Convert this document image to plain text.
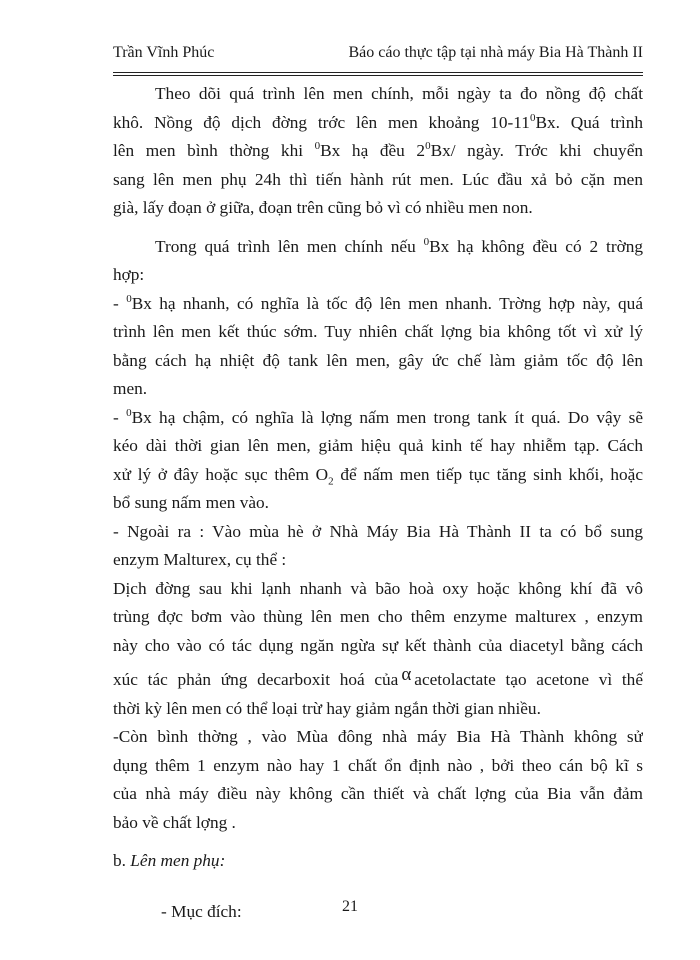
Trần Vĩnh Phúc	Báo cáo thực tập tại nhà máy Bia Hà Thành II
Theo dõi quá trình lên men chính, mỗi ngày ta đo nồng độ chất
khô. Nồng độ dịch đờng trớc lên men khoảng $10-11^0Bx$. Quá trình
lên men bình thờng khi $^0$Bx hạ đều $2^0Bx/$ ngày. Trớc khi chuyển
sang lên men phụ 24h thì tiến hành rút men. Lúc đầu xả bỏ cặn men
già, lấy đoạn ở giữa, đoạn trên cũng bỏ vì có nhiều men non.
Trong quá trình lên men chính nếu $^0$Bx hạ không đều có 2 trờng
hợp:
- $^0$Bx hạ nhanh, có nghĩa là tốc độ lên men nhanh. Trờng hợp này, quá
trình lên men kết thúc sớm. Tuy nhiên chất lợng bia không tốt vì xử lý
bằng cách hạ nhiệt độ tank lên men, gây ức chế làm giảm tốc độ lên
men.
- $^0$Bx hạ chậm, có nghĩa là lợng nấm men trong tank ít quá. Do vậy sẽ
kéo dài thời gian lên men, giảm hiệu quả kinh tế hay nhiễm tạp. Cách
xử lý ở đây hoặc sục thêm $O_2$ để nấm men tiếp tục tăng sinh khối, hoặc
bổ sung nấm men vào.
- Ngoài ra : Vào mùa hè ở Nhà Máy Bia Hà Thành II ta có bổ sung
enzym Malturex, cụ thể :
Dịch đờng sau khi lạnh nhanh và bão hoà oxy hoặc không khí đã vô
trùng đợc bơm vào thùng lên men cho thêm enzyme malturex , enzym
này cho vào có tác dụng ngăn ngừa sự kết thành của diacetyl bằng cách
xúc tác phản ứng decarboxit hoá của α acetolactate tạo acetone vì thế
thời kỳ lên men có thể loại trừ hay giảm ngắn thời gian nhiều.
-Còn bình thờng , vào Mùa đông nhà máy Bia Hà Thành không sử
dụng thêm 1 enzym nào hay 1 chất ổn định nào , bởi theo cán bộ kĩ s
của nhà máy điều này không cần thiết và chất lợng của Bia vẫn đảm
bảo về chất lợng .
b. Lên men phụ:
- Mục đích:	21
